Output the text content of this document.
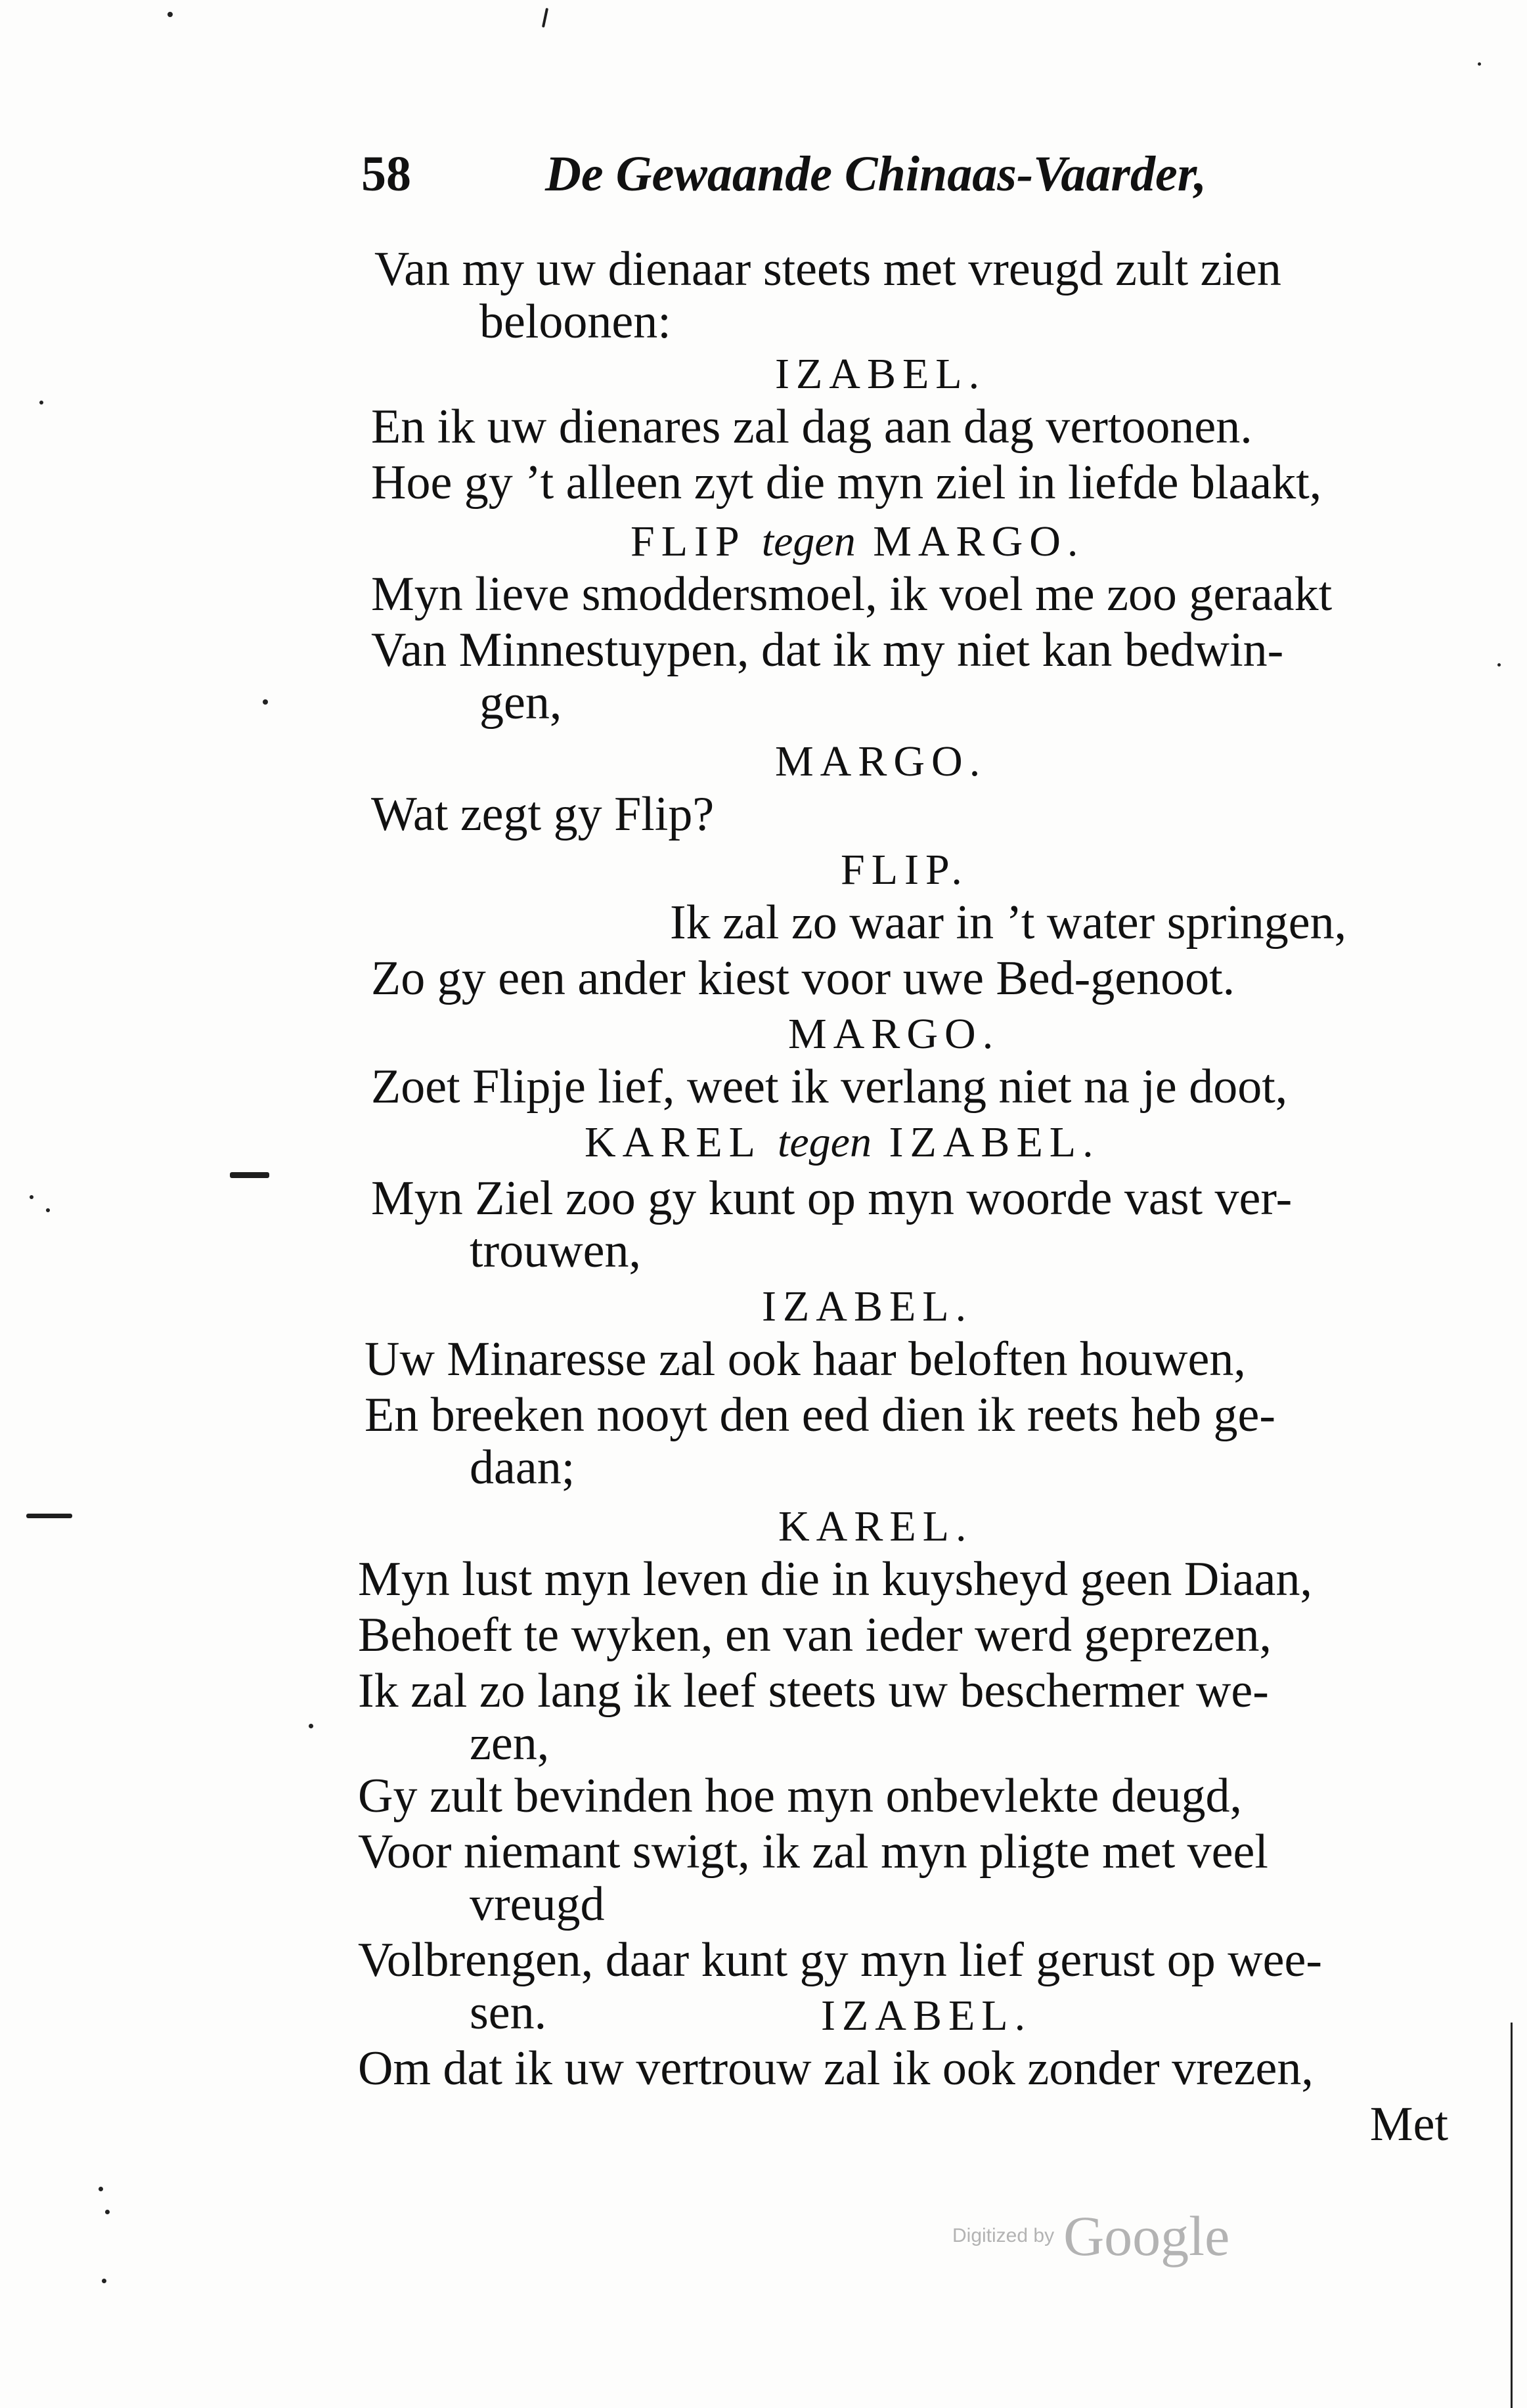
58	De Gewaande Chinaas-Vaarder,
Van my uw dienaar steets met vreugd zult zien
beloonen:
IZABEL.
En ik uw dienares zal dag aan dag vertoonen.
Hoe gy ’t alleen zyt die myn ziel in liefde blaakt,
FLIP tegen MARGO.
Myn lieve smoddersmoel, ik voel me zoo geraakt
Van Minnestuypen, dat ik my niet kan bedwin-
gen,
MARGO.
Wat zegt gy Flip?
FLIP.
Ik zal zo waar in ’t water springen,
Zo gy een ander kiest voor uwe Bed-genoot.
MARGO.
Zoet Flipje lief, weet ik verlang niet na je doot,
KAREL tegen IZABEL.
Myn Ziel zoo gy kunt op myn woorde vast ver-
trouwen,
IZABEL.
Uw Minaresse zal ook haar beloften houwen,
En breeken nooyt den eed dien ik reets heb ge-
daan;
KAREL.
Myn lust myn leven die in kuysheyd geen Diaan,
Behoeft te wyken, en van ieder werd geprezen,
Ik zal zo lang ik leef steets uw beschermer we-
zen,
Gy zult bevinden hoe myn onbevlekte deugd,
Voor niemant swigt, ik zal myn pligte met veel
vreugd
Volbrengen, daar kunt gy myn lief gerust op wee-
sen.	IZABEL.
Om dat ik uw vertrouw zal ik ook zonder vrezen,
Met
Digitized by Google
